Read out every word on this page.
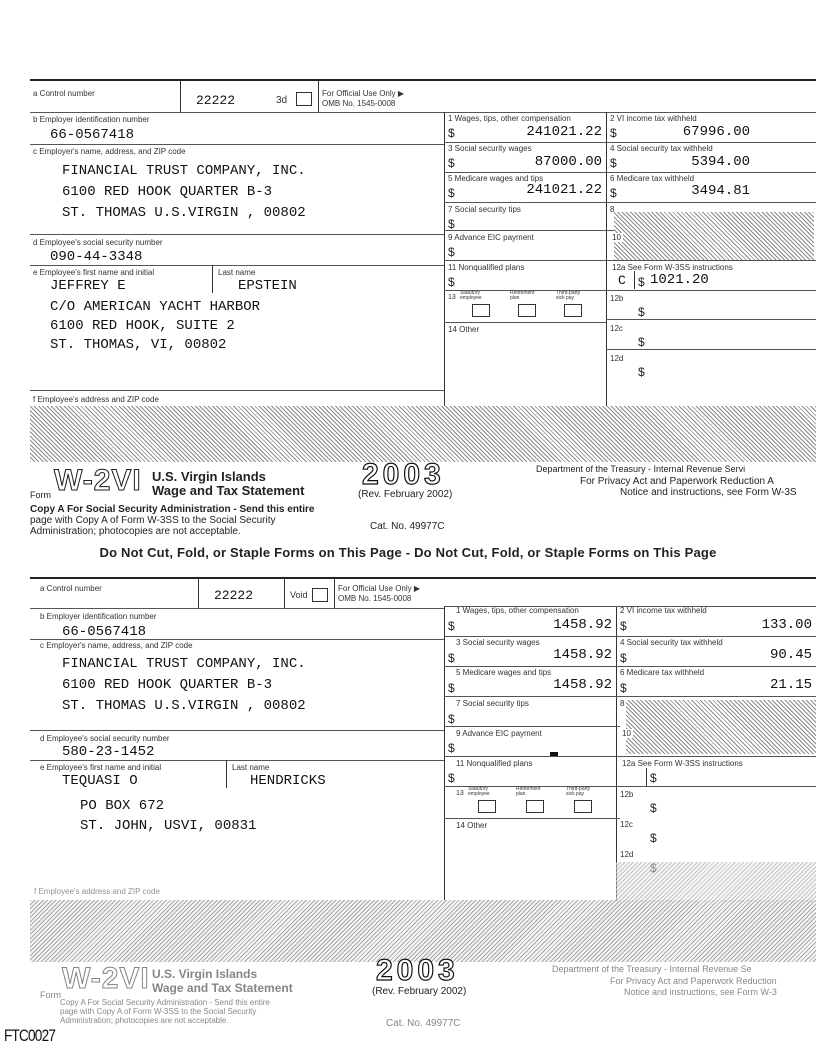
a Control number	22222	3d
For Official Use Only ▶
OMB No. 1545-0008
b Employer identification number
66-0567418
c Employer's name, address, and ZIP code
FINANCIAL TRUST COMPANY, INC.
6100 RED HOOK QUARTER B-3
ST. THOMAS U.S.VIRGIN , 00802
d Employee's social security number
090-44-3348
e Employee's first name and initial	Last name
JEFFREY E	EPSTEIN
C/O AMERICAN YACHT HARBOR
6100 RED HOOK, SUITE 2
ST. THOMAS, VI, 00802
f Employee's address and ZIP code
1 Wages, tips, other compensation
$	241021.22
2 VI income tax withheld
$	67996.00
3 Social security wages
$	87000.00
4 Social security tax withheld
$	5394.00
5 Medicare wages and tips
$	241021.22
6 Medicare tax withheld
$	3494.81
7 Social security tips
$
8
9 Advance EIC payment
$
10
11 Nonqualified plans
$
12a See Form W-3SS instructions
C $ 1021.20
13
Statutory employee
Retirement plan
Third-party sick pay	12b
$
14 Other	12c
$
12d
$
Form W-2VI U.S. Virgin Islands
Wage and Tax Statement 2003
(Rev. February 2002)
Copy A For Social Security Administration - Send this entire
page with Copy A of Form W-3SS to the Social Security
Administration; photocopies are not acceptable.	Cat. No. 49977C
Department of the Treasury - Internal Revenue Servi
For Privacy Act and Paperwork Reduction A
Notice and instructions, see Form W-3S
Do Not Cut, Fold, or Staple Forms on This Page - Do Not Cut, Fold, or Staple Forms on This Page
a Control number	22222	Void
For Official Use Only ▶
OMB No. 1545-0008
b Employer identification number
66-0567418
c Employer's name, address, and ZIP code
FINANCIAL TRUST COMPANY, INC.
6100 RED HOOK QUARTER B-3
ST. THOMAS U.S.VIRGIN , 00802
d Employee's social security number
580-23-1452
e Employee's first name and initial	Last name
TEQUASI O	HENDRICKS
PO BOX 672
ST. JOHN, USVI, 00831
f Employee's address and ZIP code
1 Wages, tips, other compensation
$	1458.92
2 VI income tax withheld
$	133.00
3 Social security wages
$	1458.92
4 Social security tax withheld
$	90.45
5 Medicare wages and tips
$	1458.92
6 Medicare tax withheld
$	21.15
7 Social security tips
$
8
9 Advance EIC payment
$
10
11 Nonqualified plans
$
12a See Form W-3SS instructions
$
13
Statutory employee
Retirement plan
Third-party sick pay	12b
$
14 Other	12c
$
12d
Form W-2VI U.S. Virgin Islands
Wage and Tax Statement
Copy A For Social Security Administration - Send this entire
page with Copy A of Form W-3SS to the Social Security
Administration; photocopies are not acceptable.	Cat. No. 49977C
Department of the Treasury - Internal Revenue Se
For Privacy Act and Paperwork Reduction
Notice and instructions, see Form W-3
2003
(Rev. February 2002)
FTC0027
